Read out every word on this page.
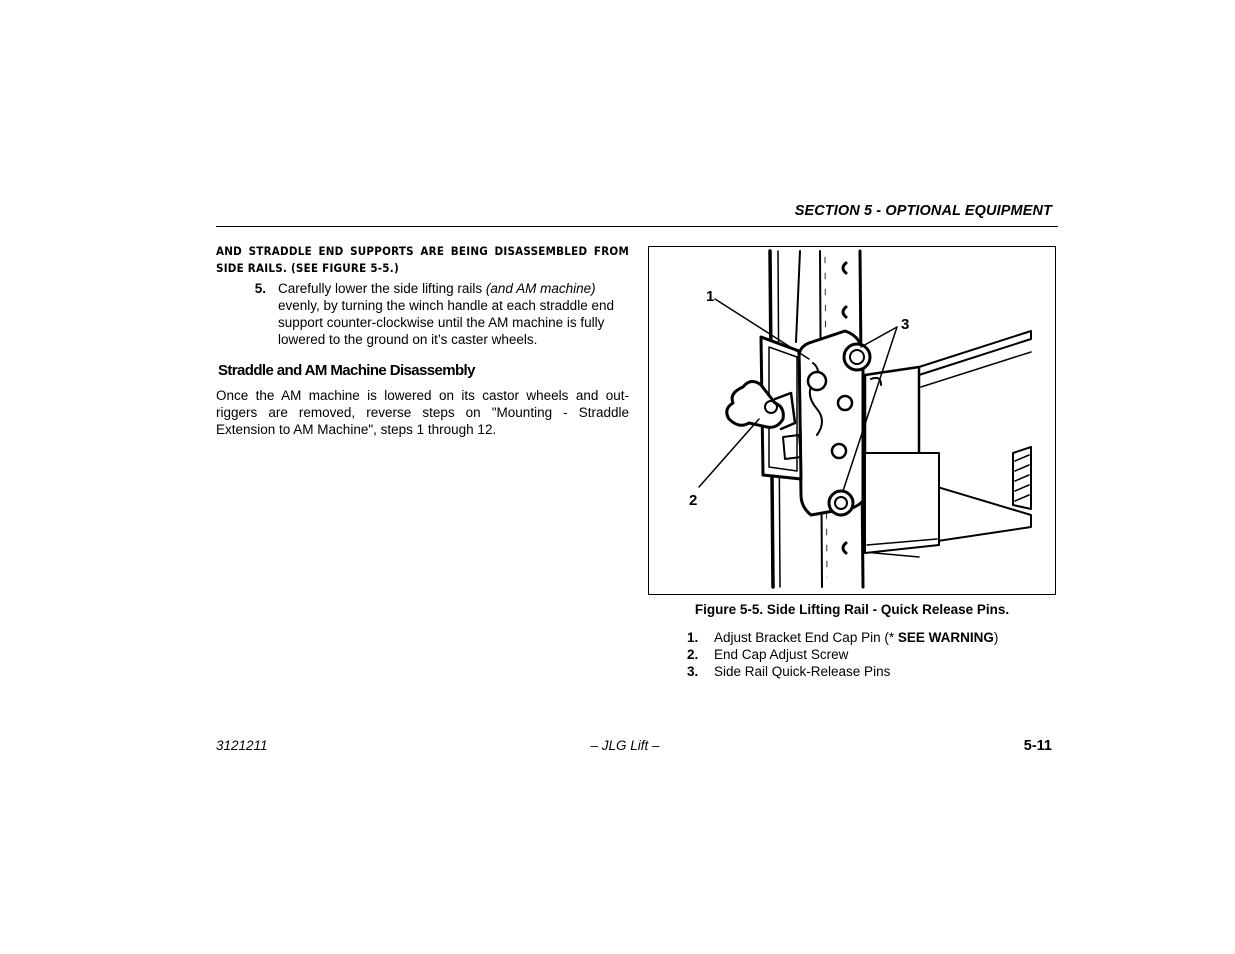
SECTION 5 - OPTIONAL EQUIPMENT

AND STRADDLE END SUPPORTS ARE BEING DISASSEMBLED FROM SIDE RAILS. (SEE FIGURE 5-5.)

5. Carefully lower the side lifting rails (and AM machine) evenly, by turning the winch handle at each straddle end support counter-clockwise until the AM machine is fully lowered to the ground on it’s caster wheels.
Straddle and AM Machine Disassembly

Once the AM machine is lowered on its castor wheels and out-riggers are removed, reverse steps on "Mounting - Straddle Extension to AM Machine", steps 1 through 12.

1
2
3
Figure 5-5. Side Lifting Rail - Quick Release Pins.
1.	Adjust Bracket End Cap Pin (* SEE WARNING)
2.	End Cap Adjust Screw
3.	Side Rail Quick-Release Pins
3121211	– JLG Lift –	5-11
